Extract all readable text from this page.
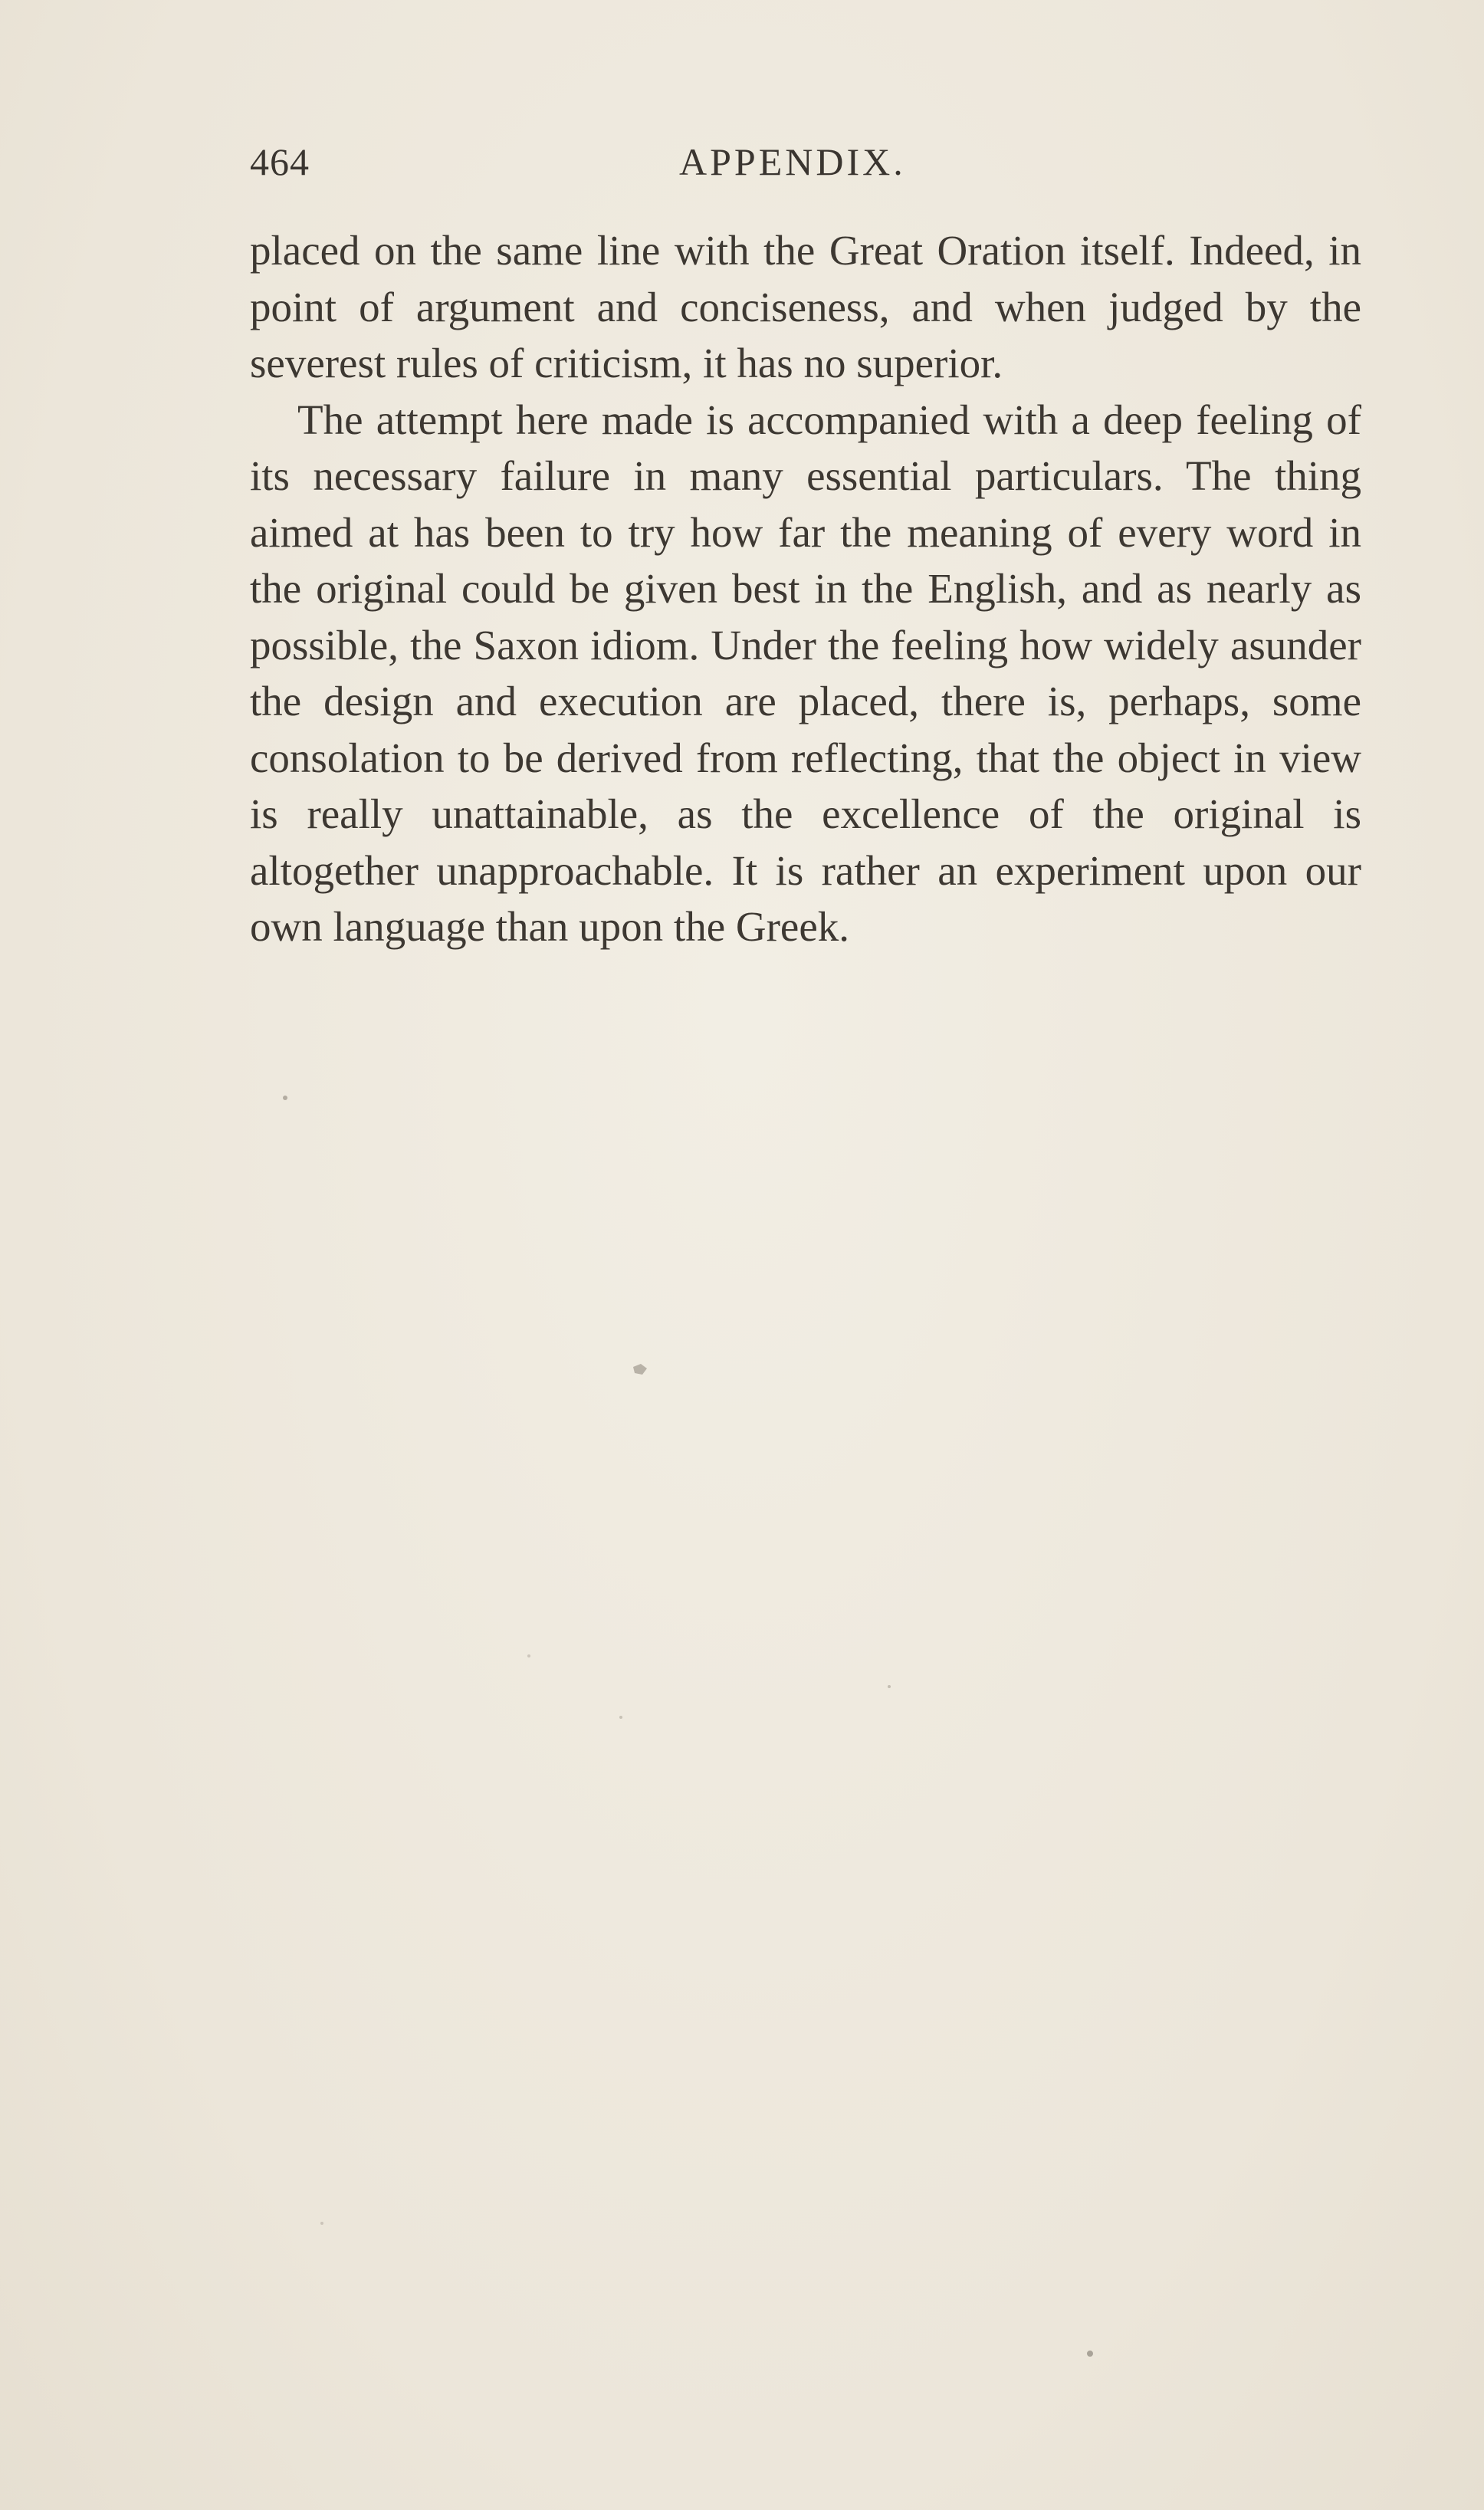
464	APPENDIX.

placed on the same line with the Great Oration itself. Indeed, in point of argument and conciseness, and when judged by the severest rules of criticism, it has no superior.

The attempt here made is accompanied with a deep feeling of its necessary failure in many essential particulars. The thing aimed at has been to try how far the meaning of every word in the original could be given best in the English, and as nearly as possible, the Saxon idiom. Under the feeling how widely asunder the design and execution are placed, there is, perhaps, some consolation to be derived from reflecting, that the object in view is really unattainable, as the excellence of the original is altogether unapproachable. It is rather an experiment upon our own language than upon the Greek.
